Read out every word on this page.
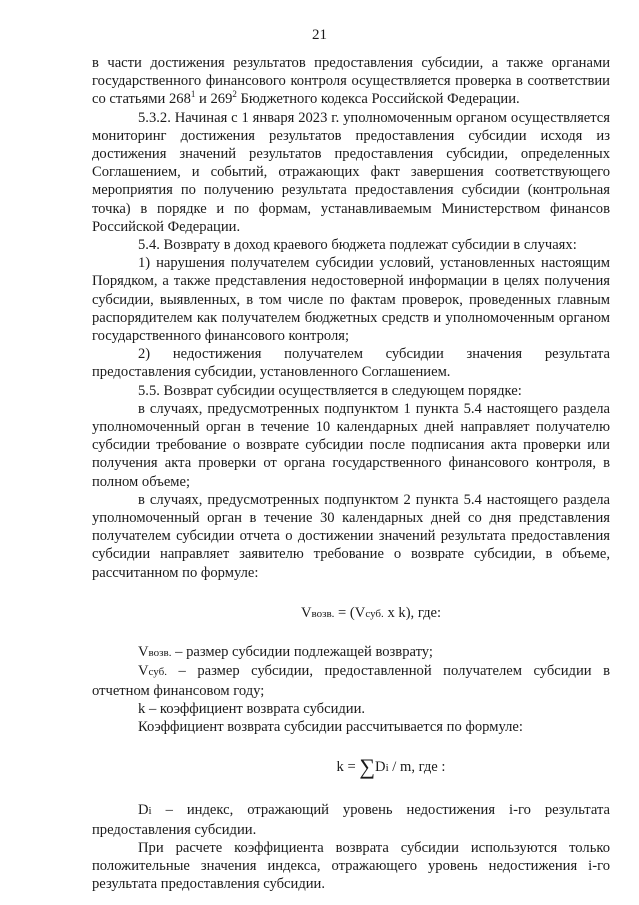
21

в части достижения результатов предоставления субсидии, а также органами государственного финансового контроля осуществляется проверка в соответствии со статьями $268^1$ и $269^2$ Бюджетного кодекса Российской Федерации.

5.3.2. Начиная с 1 января 2023 г. уполномоченным органом осуществляется мониторинг достижения результатов предоставления субсидии исходя из достижения значений результатов предоставления субсидии, определенных Соглашением, и событий, отражающих факт завершения соответствующего мероприятия по получению результата предоставления субсидии (контрольная точка) в порядке и по формам, устанавливаемым Министерством финансов Российской Федерации.

5.4. Возврату в доход краевого бюджета подлежат субсидии в случаях:

1) нарушения получателем субсидии условий, установленных настоящим Порядком, а также представления недостоверной информации в целях получения субсидии, выявленных, в том числе по фактам проверок, проведенных главным распорядителем как получателем бюджетных средств и уполномоченным органом государственного финансового контроля;

2) недостижения получателем субсидии значения результата предоставления субсидии, установленного Соглашением.

5.5. Возврат субсидии осуществляется в следующем порядке:

в случаях, предусмотренных подпунктом 1 пункта 5.4 настоящего раздела уполномоченный орган в течение 10 календарных дней направляет получателю субсидии требование о возврате субсидии после подписания акта проверки или получения акта проверки от органа государственного финансового контроля, в полном объеме;

в случаях, предусмотренных подпунктом 2 пункта 5.4 настоящего раздела уполномоченный орган в течение 30 календарных дней со дня представления получателем субсидии отчета о достижении значений результата предоставления субсидии направляет заявителю требование о возврате субсидии, в объеме, рассчитанном по формуле:

Vвозв. = (Vсуб. x k), где:

Vвозв. – размер субсидии подлежащей возврату;

Vсуб. – размер субсидии, предоставленной получателем субсидии в отчетном финансовом году;

k – коэффициент возврата субсидии.

Коэффициент возврата субсидии рассчитывается по формуле:

k = ∑Di / m, где :

Di – индекс, отражающий уровень недостижения i-го результата предоставления субсидии.

При расчете коэффициента возврата субсидии используются только положительные значения индекса, отражающего уровень недостижения i-го результата предоставления субсидии.
